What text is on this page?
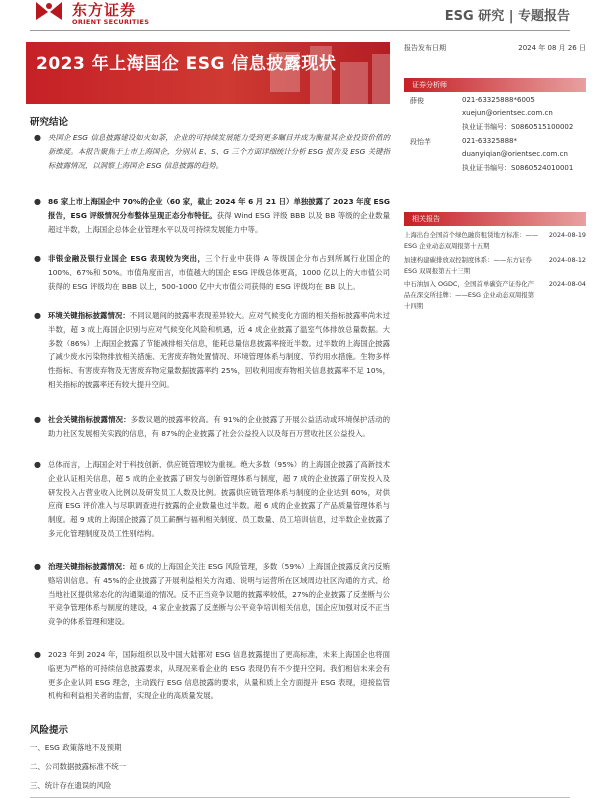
东方证券
ORIENT SECURITIES	ESG 研究 | 专题报告
2023 年上海国企 ESG 信息披露现状
报告发布日期	2024 年 08 月 26 日
证券分析师
薛俊	021-63325888*6005
xuejun@orientsec.com.cn
执业证书编号：S0860515100002
段怡芊	021-63325888*
duanyiqian@orientsec.com.cn
执业证书编号：S0860524010001
相关报告
上海出台全国首个绿色融资租赁地方标准：——ESG 企业动态双周报第十五期
2024-08-19
加速构建碳排放双控制度体系：——东方证券 ESG 双周报第五十三期
2024-08-12
中石油加入 OGDC，全国首单碳资产证券化产品在深交所挂牌：——ESG 企业动态双周报第十四期
2024-08-04
研究结论
● 央国企 ESG 信息披露建设如火如荼，企业的可持续发展能力受到更多瞩目并成为衡量其企业投资价值的新维度。本报告聚焦于上市上海国企，分别从 E、S、G 三个方面详细统计分析 ESG 报告及 ESG 关键指标披露情况，以洞察上海国企 ESG 信息披露的趋势。
● 86 家上市上海国企中 70%的企业（60 家，截止 2024 年 6 月 21 日）单独披露了 2023 年度 ESG 报告，ESG 评级情况分布整体呈现正态分布特征。获得 Wind ESG 评级 BBB 以及 BB 等级的企业数量超过半数，上海国企总体企业管理水平以及可持续发展能力中等。
● 非银金融及银行业国企 ESG 表现较为突出，三个行业中获得 A 等级国企分布占到所属行业国企的 100%、67%和 50%。市值角度而言，市值越大的国企 ESG 评级总体更高，1000 亿以上的大市值公司获得的 ESG 评级均在 BBB 以上，500-1000 亿中大市值公司获得的 ESG 评级均在 BB 以上。
● 环境关键指标披露情况：不同议题间的披露率表现差异较大。应对气候变化方面的相关指标披露率尚未过半数，超 3 成上海国企识别与应对气候变化风险和机遇，近 4 成企业披露了温室气体排放总量数据。大多数（86%）上海国企披露了节能减排相关信息，能耗总量信息披露率接近半数。过半数的上海国企披露了减少废水污染物排放相关措施、无害废弃物处置情况、环境管理体系与制度、节约用水措施。生物多样性指标、有害废弃物及无害废弃物定量数据披露率约 25%，回收利用废弃物相关信息披露率不足 10%，相关指标的披露率还有较大提升空间。
● 社会关键指标披露情况：多数议题的披露率较高。有 91%的企业披露了开展公益活动或环境保护活动的助力社区发展相关实践的信息，有 87%的企业披露了社会公益投入以及每百万营收社区公益投入。
● 总体而言，上海国企对于科技创新、供应链管理较为重视。绝大多数（95%）的上海国企披露了高新技术企业认证相关信息，超 5 成的企业披露了研发与创新管理体系与制度，超 7 成的企业披露了研发投入及研发投入占营业收入比例以及研发员工人数及比例。披露供应链管理体系与制度的企业达到 60%，对供应商 ESG 评价准入与尽职调查进行披露的企业数量也过半数。超 6 成的企业披露了产品质量管理体系与制度。超 9 成的上海国企披露了员工薪酬与福利相关制度、员工数量、员工培训信息，过半数企业披露了多元化管理制度及员工性别结构。
● 治理关键指标披露情况：超 6 成的上海国企关注 ESG 风险管理，多数（59%）上海国企披露反贪污反贿赂培训信息。有 45%的企业披露了开展利益相关方沟通、说明与运营所在区域周边社区沟通的方式、给当地社区提供常态化的沟通渠道的情况。反不正当竞争议题的披露率较低，27%的企业披露了反垄断与公平竞争管理体系与制度的建设，4 家企业披露了反垄断与公平竞争培训相关信息，国企应加强对反不正当竞争的体系管理和建设。
● 2023 年到 2024 年，国际组织以及中国大陆都对 ESG 信息披露提出了更高标准，未来上海国企也将面临更为严格的可持续信息披露要求，从现况来看企业的 ESG 表现仍有不少提升空间。我们相信未来会有更多企业认同 ESG 理念，主动践行 ESG 信息披露的要求，从量和质上全方面提升 ESG 表现，迎接监管机构和利益相关者的监督，实现企业的高质量发展。
风险提示
一、ESG 政策落地不及预期
二、公司数据披露标准不统一
三、统计存在遗误的风险
